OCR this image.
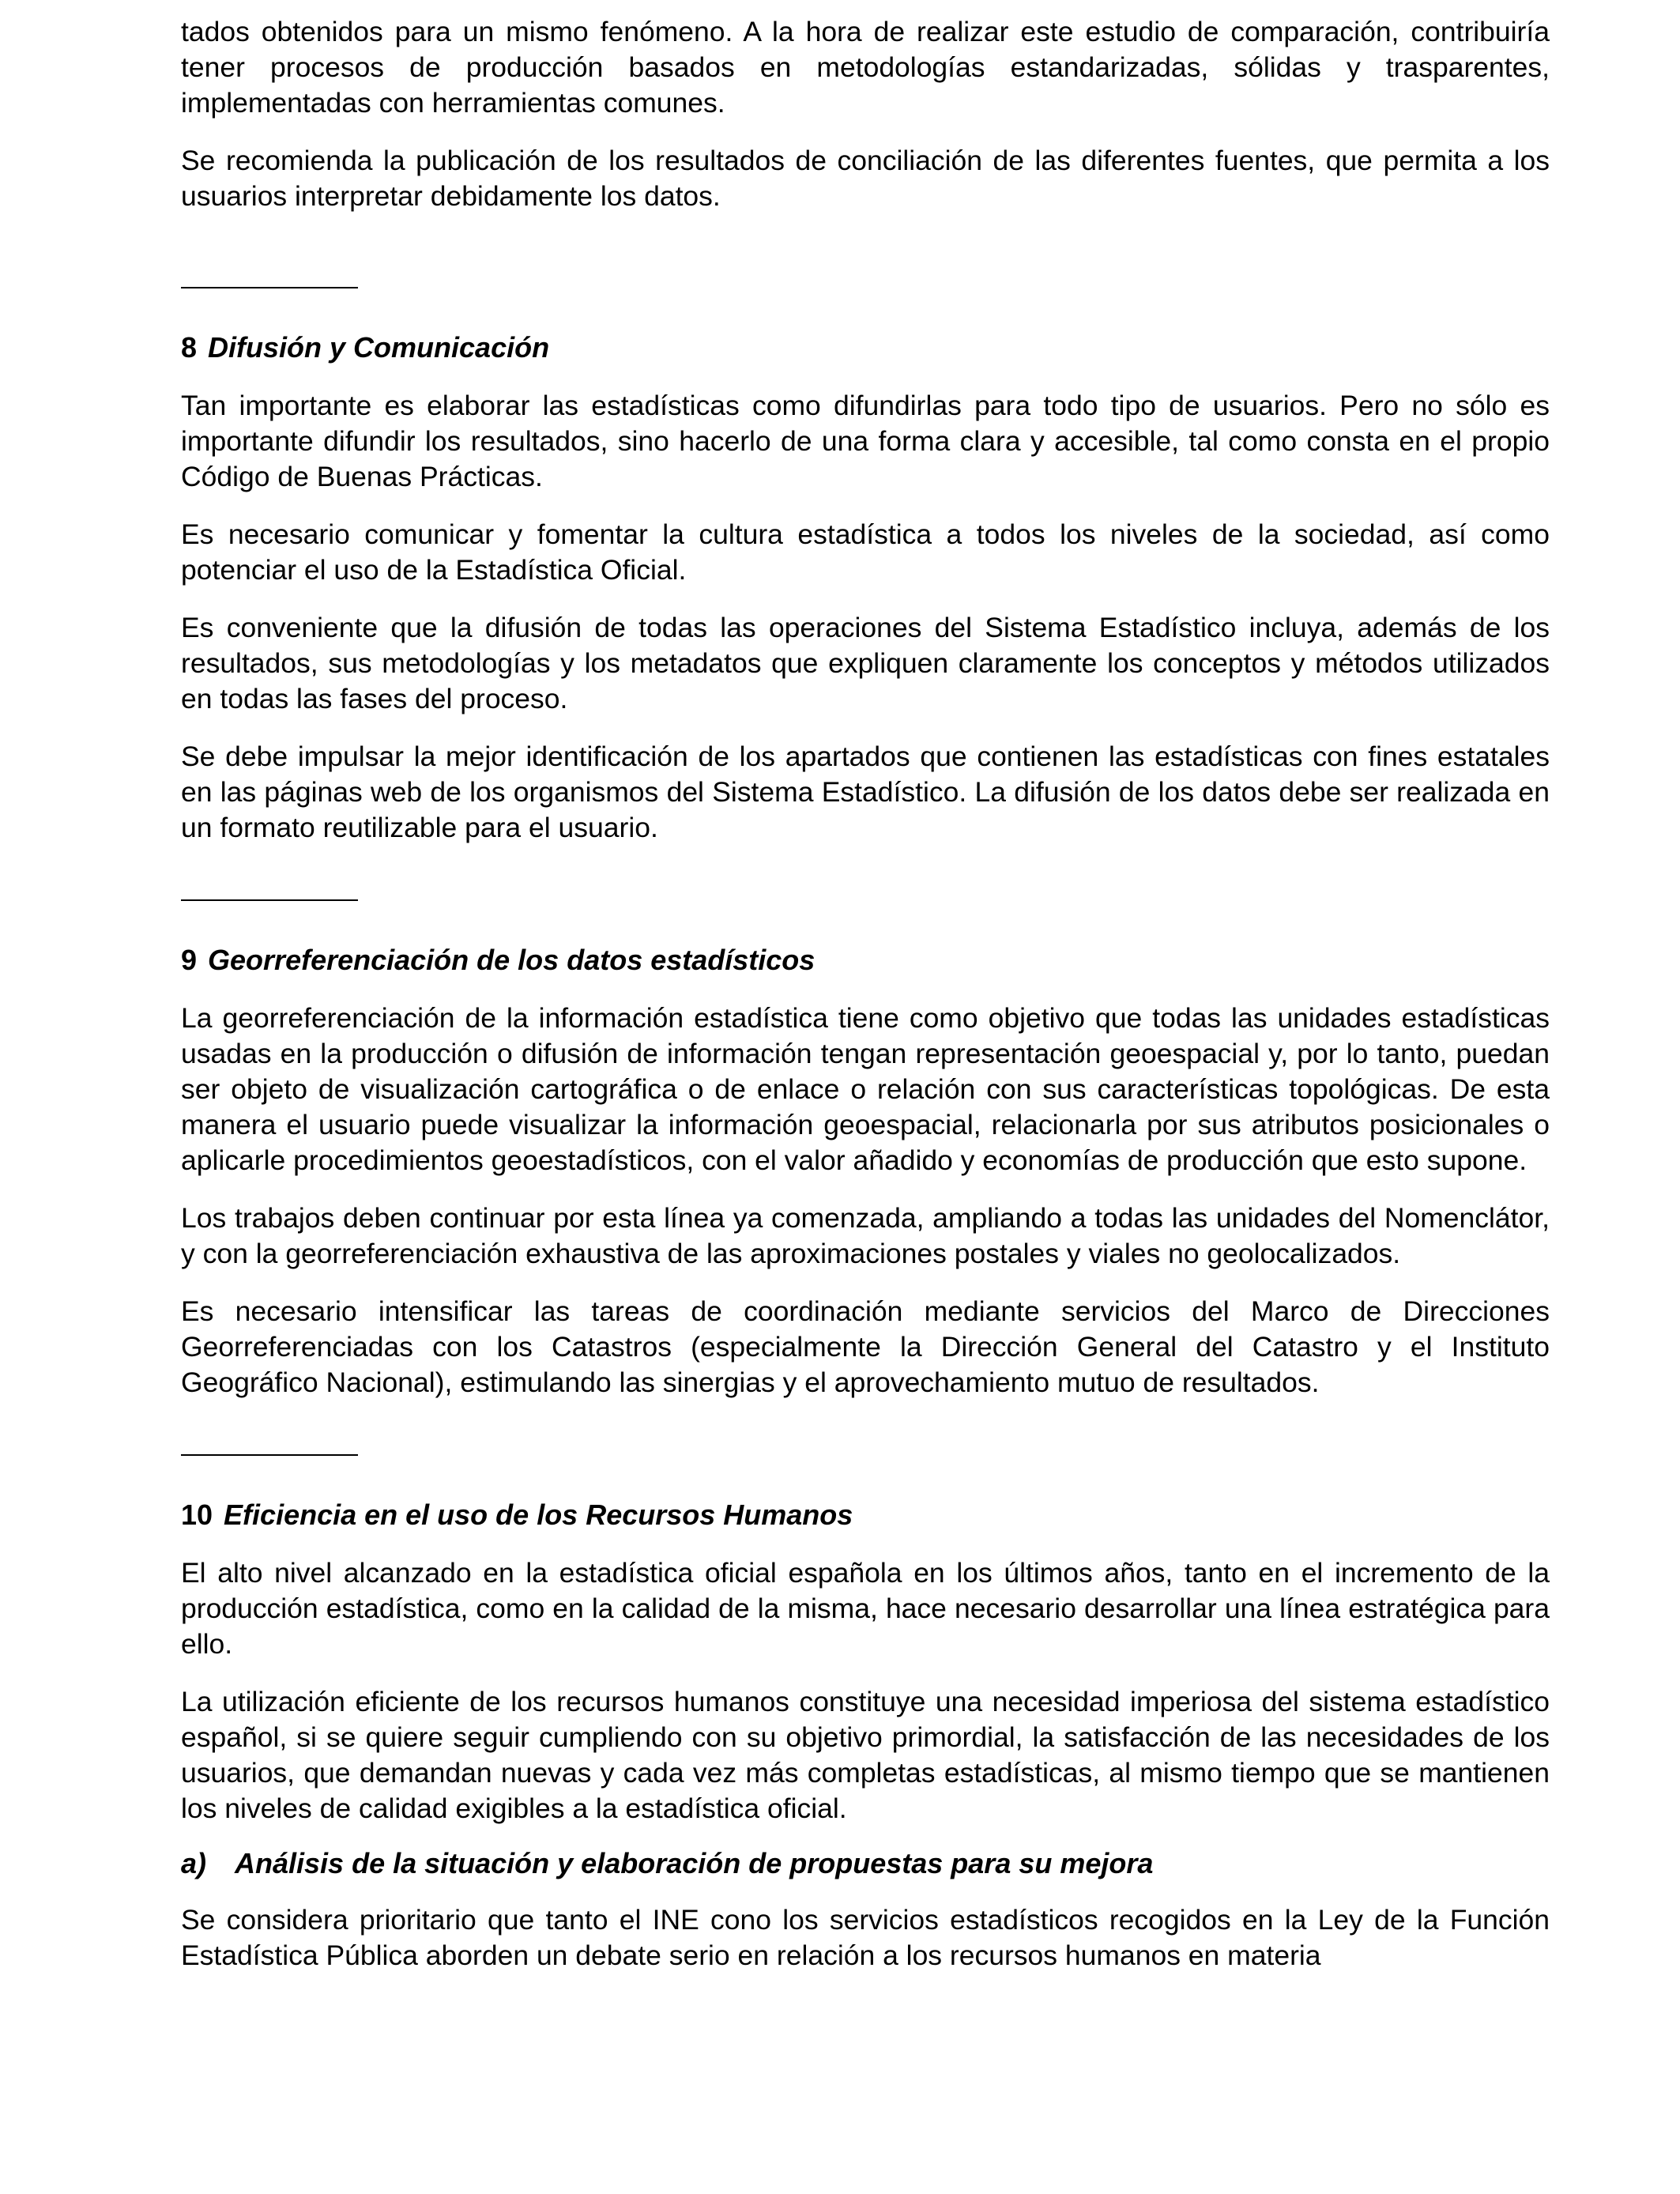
tados obtenidos para un mismo fenómeno. A la hora de realizar este estudio de comparación, contribuiría tener procesos de producción basados en metodologías estandarizadas, sólidas y trasparentes, implementadas con herramientas comunes.

Se recomienda la publicación de los resultados de conciliación de las diferentes fuentes, que permita a los usuarios interpretar debidamente los datos.

8 Difusión y Comunicación

Tan importante es elaborar las estadísticas como difundirlas para todo tipo de usuarios. Pero no sólo es importante difundir los resultados, sino hacerlo de una forma clara y accesible, tal como consta en el propio Código de Buenas Prácticas.

Es necesario comunicar y fomentar la cultura estadística a todos los niveles de la sociedad, así como potenciar el uso de la Estadística Oficial.

Es conveniente que la difusión de todas las operaciones del Sistema Estadístico incluya, además de los resultados, sus metodologías y los metadatos que expliquen claramente los conceptos y métodos utilizados en todas las fases del proceso.

Se debe impulsar la mejor identificación de los apartados que contienen las estadísticas con fines estatales en las páginas web de los organismos del Sistema Estadístico. La difusión de los datos debe ser realizada en un formato reutilizable para el usuario.

9 Georreferenciación de los datos estadísticos

La georreferenciación de la información estadística tiene como objetivo que todas las unidades estadísticas usadas en la producción o difusión de información tengan representación geoespacial y, por lo tanto, puedan ser objeto de visualización cartográfica o de enlace o relación con sus características topológicas. De esta manera el usuario puede visualizar la información geoespacial, relacionarla por sus atributos posicionales o aplicarle procedimientos geoestadísticos, con el valor añadido y economías de producción que esto supone.

Los trabajos deben continuar por esta línea ya comenzada, ampliando a todas las unidades del Nomenclátor, y con la georreferenciación exhaustiva de las aproximaciones postales y viales no geolocalizados.

Es necesario intensificar las tareas de coordinación mediante servicios del Marco de Direcciones Georreferenciadas con los Catastros (especialmente la Dirección General del Catastro y el Instituto Geográfico Nacional), estimulando las sinergias y el aprovechamiento mutuo de resultados.

10 Eficiencia en el uso de los Recursos Humanos

El alto nivel alcanzado en la estadística oficial española en los últimos años, tanto en el incremento de la producción estadística, como en la calidad de la misma, hace necesario desarrollar una línea estratégica para ello.

La utilización eficiente de los recursos humanos constituye una necesidad imperiosa del sistema estadístico español, si se quiere seguir cumpliendo con su objetivo primordial, la satisfacción de las necesidades de los usuarios, que demandan nuevas y cada vez más completas estadísticas, al mismo tiempo que se mantienen los niveles de calidad exigibles a la estadística oficial.

a) Análisis de la situación y elaboración de propuestas para su mejora

Se considera prioritario que tanto el INE cono los servicios estadísticos recogidos en la Ley de la Función Estadística Pública aborden un debate serio en relación a los recursos humanos en materia
